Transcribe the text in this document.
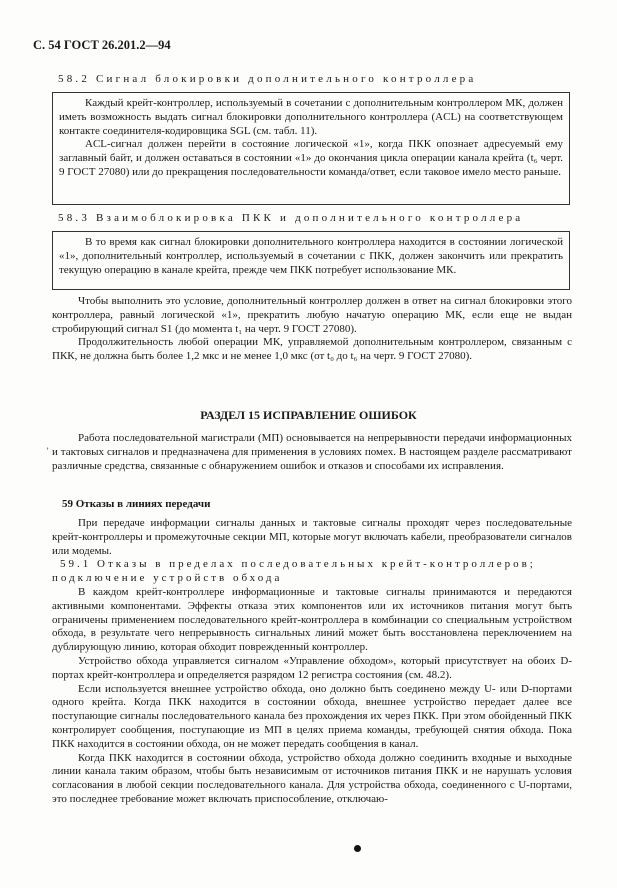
С. 54 ГОСТ 26.201.2—94
58.2 Сигнал блокировки дополнительного контроллера

Каждый крейт-контроллер, используемый в сочетании с дополнительным контроллером МК, должен иметь возможность выдать сигнал блокировки дополнительного контроллера (ACL) на соответствующем контакте соединителя-кодировщика SGL (см. табл. 11).

ACL-сигнал должен перейти в состояние логической «1», когда ПКК опознает адресуемый ему заглавный байт, и должен оставаться в состоянии «1» до окончания цикла операции канала крейта (t₆ черт. 9 ГОСТ 27080) или до прекращения последовательности команда/ответ, если таковое имело место раньше.

58.3 Взаимоблокировка ПКК и дополнительного контроллера

В то время как сигнал блокировки дополнительного контроллера находится в состоянии логической «1», дополнительный контроллер, используемый в сочетании с ПКК, должен закончить или прекратить текущую операцию в канале крейта, прежде чем ПКК потребует использование МК.

Чтобы выполнить это условие, дополнительный контроллер должен в ответ на сигнал блокировки этого контроллера, равный логической «1», прекратить любую начатую операцию МК, если еще не выдан стробирующий сигнал S1 (до момента t₁ на черт. 9 ГОСТ 27080).

Продолжительность любой операции МК, управляемой дополнительным контроллером, связанным с ПКК, не должна быть более 1,2 мкс и не менее 1,0 мкс (от t₀ до t₆ на черт. 9 ГОСТ 27080).

РАЗДЕЛ 15 ИСПРАВЛЕНИЕ ОШИБОК
ʼ

Работа последовательной магистрали (МП) основывается на непрерывности передачи информационных и тактовых сигналов и предназначена для применения в условиях помех. В настоящем разделе рассматривают различные средства, связанные с обнаружением ошибок и отказов и способами их исправления.

59 Отказы в линиях передачи

При передаче информации сигналы данных и тактовые сигналы проходят через последовательные крейт-контроллеры и промежуточные секции МП, которые могут включать кабели, преобразователи сигналов или модемы.

59.1 Отказы в пределах последовательных крейт-контроллеров; подключение устройств обхода

В каждом крейт-контроллере информационные и тактовые сигналы принимаются и передаются активными компонентами. Эффекты отказа этих компонентов или их источников питания могут быть ограничены применением последовательного крейт-контроллера в комбинации со специальным устройством обхода, в результате чего непрерывность сигнальных линий может быть восстановлена переключением на дублирующую линию, которая обходит поврежденный контроллер.

Устройство обхода управляется сигналом «Управление обходом», который присутствует на обоих D-портах крейт-контроллера и определяется разрядом 12 регистра состояния (см. 48.2).

Если используется внешнее устройство обхода, оно должно быть соединено между U- или D-портами одного крейта. Когда ПКК находится в состоянии обхода, внешнее устройство передает далее все поступающие сигналы последовательного канала без прохождения их через ПКК. При этом обойденный ПКК контролирует сообщения, поступающие из МП в целях приема команды, требующей снятия обхода. Пока ПКК находится в состоянии обхода, он не может передать сообщения в канал.

Когда ПКК находится в состоянии обхода, устройство обхода должно соединить входные и выходные линии канала таким образом, чтобы быть независимым от источников питания ПКК и не нарушать условия согласования в любой секции последовательного канала. Для устройства обхода, соединенного с U-портами, это последнее требование может включать приспособление, отключаю-
